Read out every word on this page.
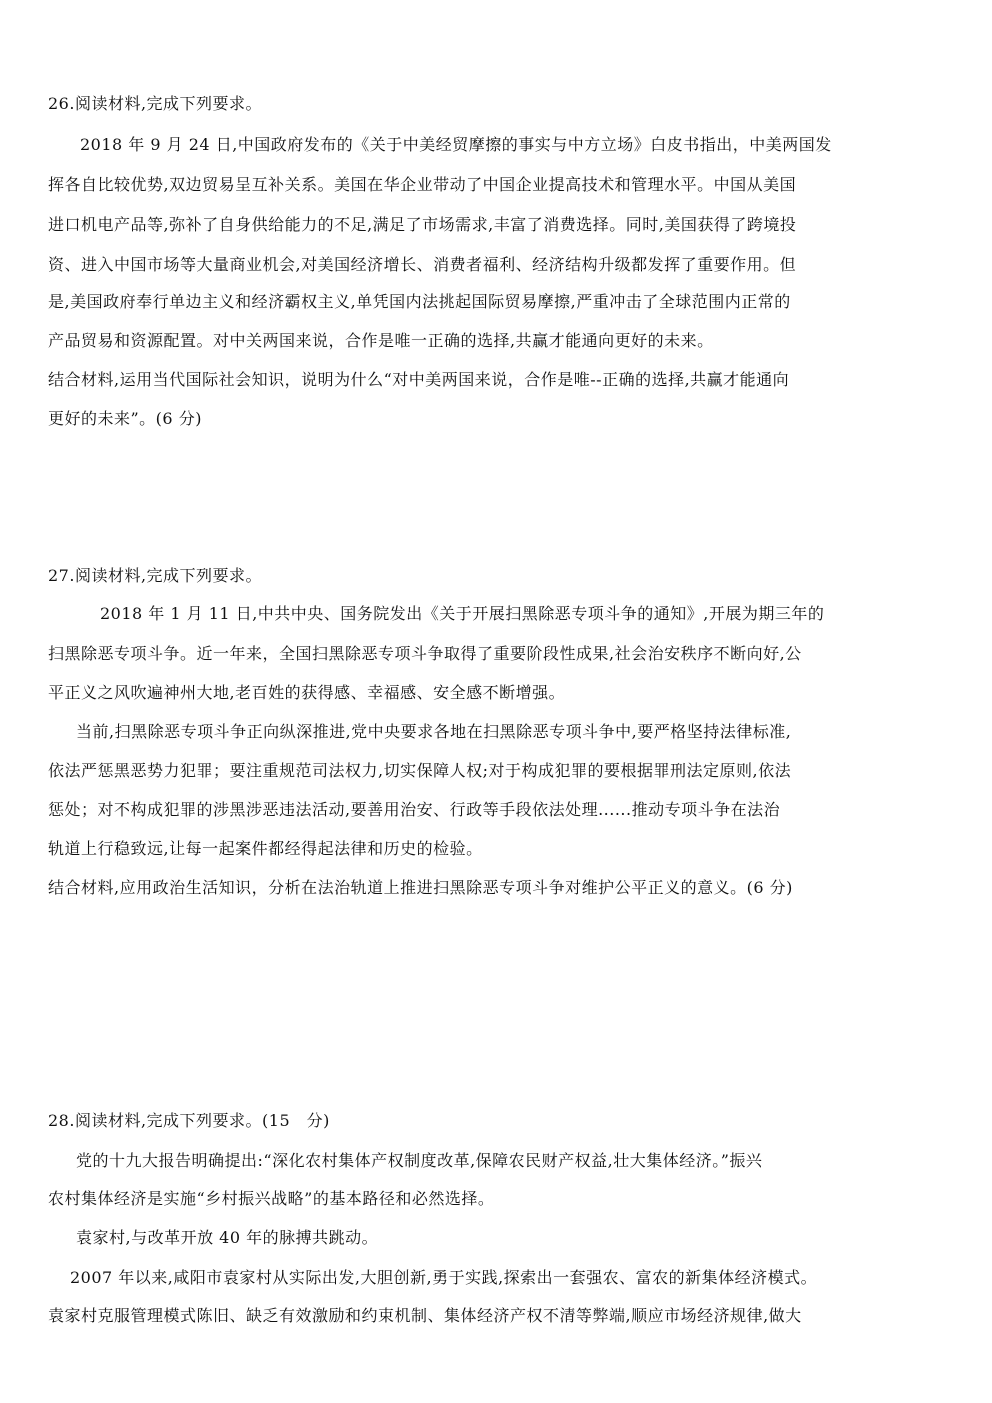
26.阅读材料,完成下列要求。
2018 年 9 月 24 日,中国政府发布的《关于中美经贸摩擦的事实与中方立场》白皮书指出，中美两国发
挥各自比较优势,双边贸易呈互补关系。美国在华企业带动了中国企业提高技术和管理水平。中国从美国
进口机电产品等,弥补了自身供给能力的不足,满足了市场需求,丰富了消费选择。同时,美国获得了跨境投
资、进入中国市场等大量商业机会,对美国经济增长、消费者福利、经济结构升级都发挥了重要作用。但
是,美国政府奉行单边主义和经济霸权主义,单凭国内法挑起国际贸易摩擦,严重冲击了全球范围内正常的
产品贸易和资源配置。对中关两国来说，合作是唯一正确的选择,共赢才能通向更好的未来。
结合材料,运用当代国际社会知识，说明为什么“对中美两国来说，合作是唯--正确的选择,共赢才能通向
更好的未来”。(6 分)
27.阅读材料,完成下列要求。
2018 年 1 月 11 日,中共中央、国务院发出《关于开展扫黑除恶专项斗争的通知》,开展为期三年的
扫黑除恶专项斗争。近一年来，全国扫黑除恶专项斗争取得了重要阶段性成果,社会治安秩序不断向好,公
平正义之风吹遍神州大地,老百姓的获得感、幸福感、安全感不断增强。
当前,扫黑除恶专项斗争正向纵深推进,党中央要求各地在扫黑除恶专项斗争中,要严格坚持法律标准,
依法严惩黑恶势力犯罪；要注重规范司法权力,切实保障人权;对于构成犯罪的要根据罪刑法定原则,依法
惩处；对不构成犯罪的涉黑涉恶违法活动,要善用治安、行政等手段依法处理......推动专项斗争在法治
轨道上行稳致远,让每一起案件都经得起法律和历史的检验。
结合材料,应用政治生活知识，分析在法治轨道上推进扫黑除恶专项斗争对维护公平正义的意义。(6 分)
28.阅读材料,完成下列要求。(15　分)
党的十九大报告明确提出:“深化农村集体产权制度改革,保障农民财产权益,壮大集体经济。”振兴
农村集体经济是实施“乡村振兴战略”的基本路径和必然选择。
袁家村,与改革开放 40 年的脉搏共跳动。
2007 年以来,咸阳市袁家村从实际出发,大胆创新,勇于实践,探索出一套强农、富农的新集体经济模式。
袁家村克服管理模式陈旧、缺乏有效激励和约束机制、集体经济产权不清等弊端,顺应市场经济规律,做大
